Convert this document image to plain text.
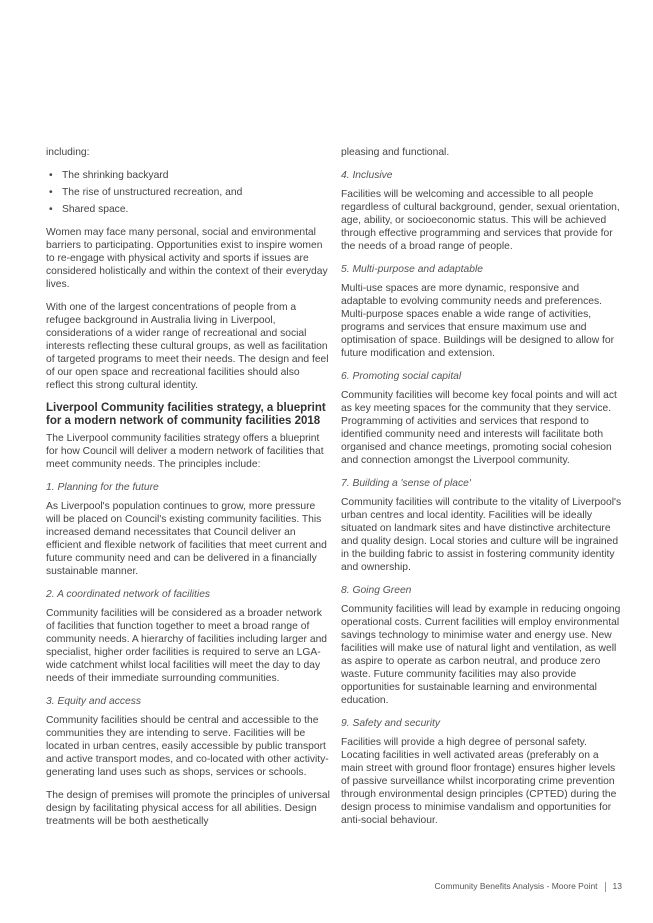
including:

• The shrinking backyard
• The rise of unstructured recreation, and
• Shared space.

Women may face many personal, social and environmental barriers to participating. Opportunities exist to inspire women to re-engage with physical activity and sports if issues are considered holistically and within the context of their everyday lives.

With one of the largest concentrations of people from a refugee background in Australia living in Liverpool, considerations of a wider range of recreational and social interests reflecting these cultural groups, as well as facilitation of targeted programs to meet their needs. The design and feel of our open space and recreational facilities should also reflect this strong cultural identity.

Liverpool Community facilities strategy, a blueprint for a modern network of community facilities 2018

The Liverpool community facilities strategy offers a blueprint for how Council will deliver a modern network of facilities that meet community needs. The principles include:

1. Planning for the future

As Liverpool's population continues to grow, more pressure will be placed on Council's existing community facilities. This increased demand necessitates that Council deliver an efficient and flexible network of facilities that meet current and future community need and can be delivered in a financially sustainable manner.

2. A coordinated network of facilities

Community facilities will be considered as a broader network of facilities that function together to meet a broad range of community needs. A hierarchy of facilities including larger and specialist, higher order facilities is required to serve an LGA-wide catchment whilst local facilities will meet the day to day needs of their immediate surrounding communities.

3. Equity and access

Community facilities should be central and accessible to the communities they are intending to serve. Facilities will be located in urban centres, easily accessible by public transport and active transport modes, and co-located with other activity-generating land uses such as shops, services or schools.

The design of premises will promote the principles of universal design by facilitating physical access for all abilities. Design treatments will be both aesthetically

pleasing and functional.

4. Inclusive

Facilities will be welcoming and accessible to all people regardless of cultural background, gender, sexual orientation, age, ability, or socioeconomic status. This will be achieved through effective programming and services that provide for the needs of a broad range of people.

5. Multi-purpose and adaptable

Multi-use spaces are more dynamic, responsive and adaptable to evolving community needs and preferences. Multi-purpose spaces enable a wide range of activities, programs and services that ensure maximum use and optimisation of space. Buildings will be designed to allow for future modification and extension.

6. Promoting social capital

Community facilities will become key focal points and will act as key meeting spaces for the community that they service. Programming of activities and services that respond to identified community need and interests will facilitate both organised and chance meetings, promoting social cohesion and connection amongst the Liverpool community.

7. Building a 'sense of place'

Community facilities will contribute to the vitality of Liverpool's urban centres and local identity. Facilities will be ideally situated on landmark sites and have distinctive architecture and quality design. Local stories and culture will be ingrained in the building fabric to assist in fostering community identity and ownership.

8. Going Green

Community facilities will lead by example in reducing ongoing operational costs. Current facilities will employ environmental savings technology to minimise water and energy use. New facilities will make use of natural light and ventilation, as well as aspire to operate as carbon neutral, and produce zero waste. Future community facilities may also provide opportunities for sustainable learning and environmental education.

9. Safety and security

Facilities will provide a high degree of personal safety. Locating facilities in well activated areas (preferably on a main street with ground floor frontage) ensures higher levels of passive surveillance whilst incorporating crime prevention through environmental design principles (CPTED) during the design process to minimise vandalism and opportunities for anti-social behaviour.

Community Benefits Analysis - Moore Point 13
